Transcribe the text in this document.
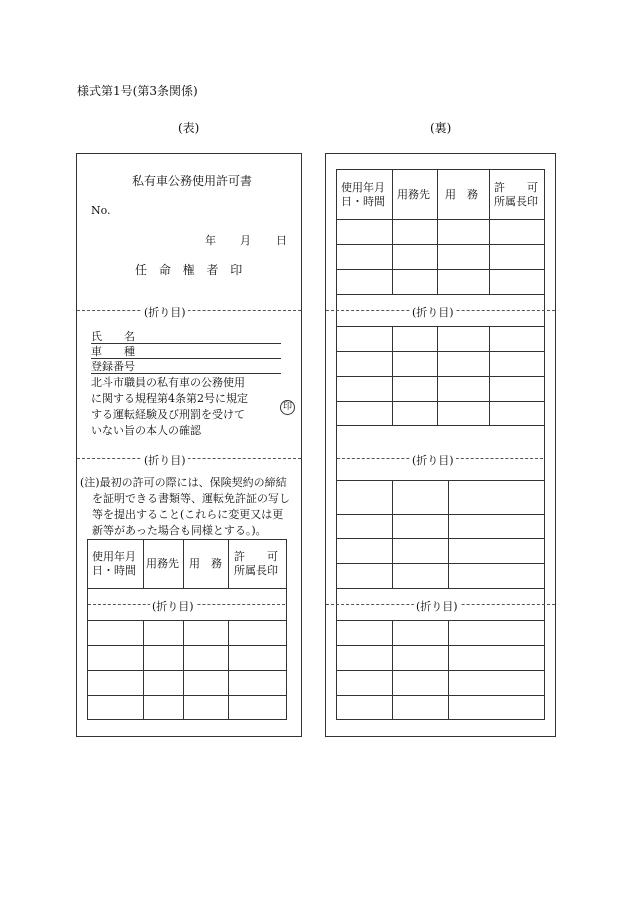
様式第1号(第3条関係)
(表)	(裏)
私有車公務使用許可書
No.
年 月 日
任 命 権 者 印
(折り目)
氏　　名
車　　種
登録番号
北斗市職員の私有車の公務使用
に関する規程第4条第2号に規定
する運転経験及び刑罰を受けて
いない旨の本人の確認
印
(折り目)
(注)最初の許可の際には、保険契約の締結
を証明できる書類等、運転免許証の写し
等を提出すること(これらに変更又は更
新等があった場合も同様とする。)。
(折り目)
使用年月
日・時間
用務先 用　務
許　　可
所属長印
使用年月
日・時間
用務先 用　務
許　　可
所属長印
(折り目)
(折り目)
(折り目)
